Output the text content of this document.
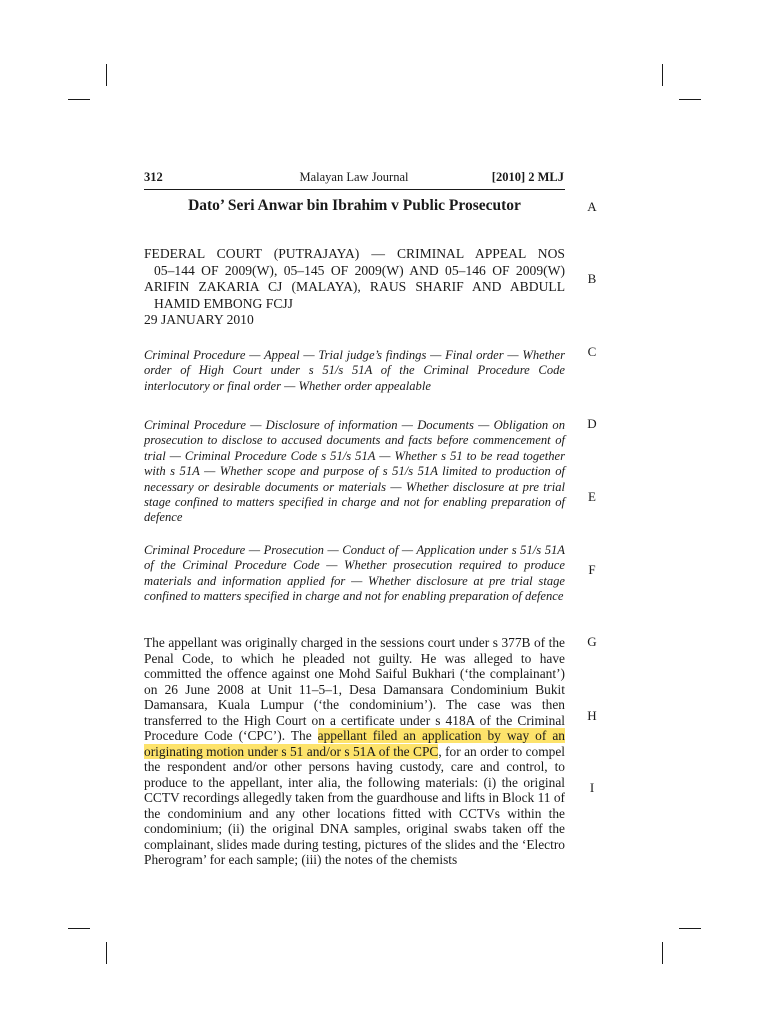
Malayan Law Journal
312	[2010] 2 MLJ
Dato’ Seri Anwar bin Ibrahim v Public Prosecutor
FEDERAL COURT (PUTRAJAYA) — CRIMINAL APPEAL NOS
05–144 OF 2009(W), 05–145 OF 2009(W) AND 05–146 OF 2009(W)
ARIFIN ZAKARIA CJ (MALAYA), RAUS SHARIF AND ABDULL
HAMID EMBONG FCJJ
29 JANUARY 2010
Criminal Procedure — Appeal — Trial judge’s findings — Final order — Whether order of High Court under s 51/s 51A of the Criminal Procedure Code interlocutory or final order — Whether order appealable
Criminal Procedure — Disclosure of information — Documents — Obligation on prosecution to disclose to accused documents and facts before commencement of trial — Criminal Procedure Code s 51/s 51A — Whether s 51 to be read together with s 51A — Whether scope and purpose of s 51/s 51A limited to production of necessary or desirable documents or materials — Whether disclosure at pre trial stage confined to matters specified in charge and not for enabling preparation of defence
Criminal Procedure — Prosecution — Conduct of — Application under s 51/s 51A of the Criminal Procedure Code — Whether prosecution required to produce materials and information applied for — Whether disclosure at pre trial stage confined to matters specified in charge and not for enabling preparation of defence
The appellant was originally charged in the sessions court under s 377B of the Penal Code, to which he pleaded not guilty. He was alleged to have committed the offence against one Mohd Saiful Bukhari (‘the complainant’) on 26 June 2008 at Unit 11–5–1, Desa Damansara Condominium Bukit Damansara, Kuala Lumpur (‘the condominium’). The case was then transferred to the High Court on a certificate under s 418A of the Criminal Procedure Code (‘CPC’). The appellant filed an application by way of an originating motion under s 51 and/or s 51A of the CPC, for an order to compel the respondent and/or other persons having custody, care and control, to produce to the appellant, inter alia, the following materials: (i) the original CCTV recordings allegedly taken from the guardhouse and lifts in Block 11 of the condominium and any other locations fitted with CCTVs within the condominium; (ii) the original DNA samples, original swabs taken off the complainant, slides made during testing, pictures of the slides and the ‘Electro Pherogram’ for each sample; (iii) the notes of the chemists
A
B
C
D
E
F
G
H
I
